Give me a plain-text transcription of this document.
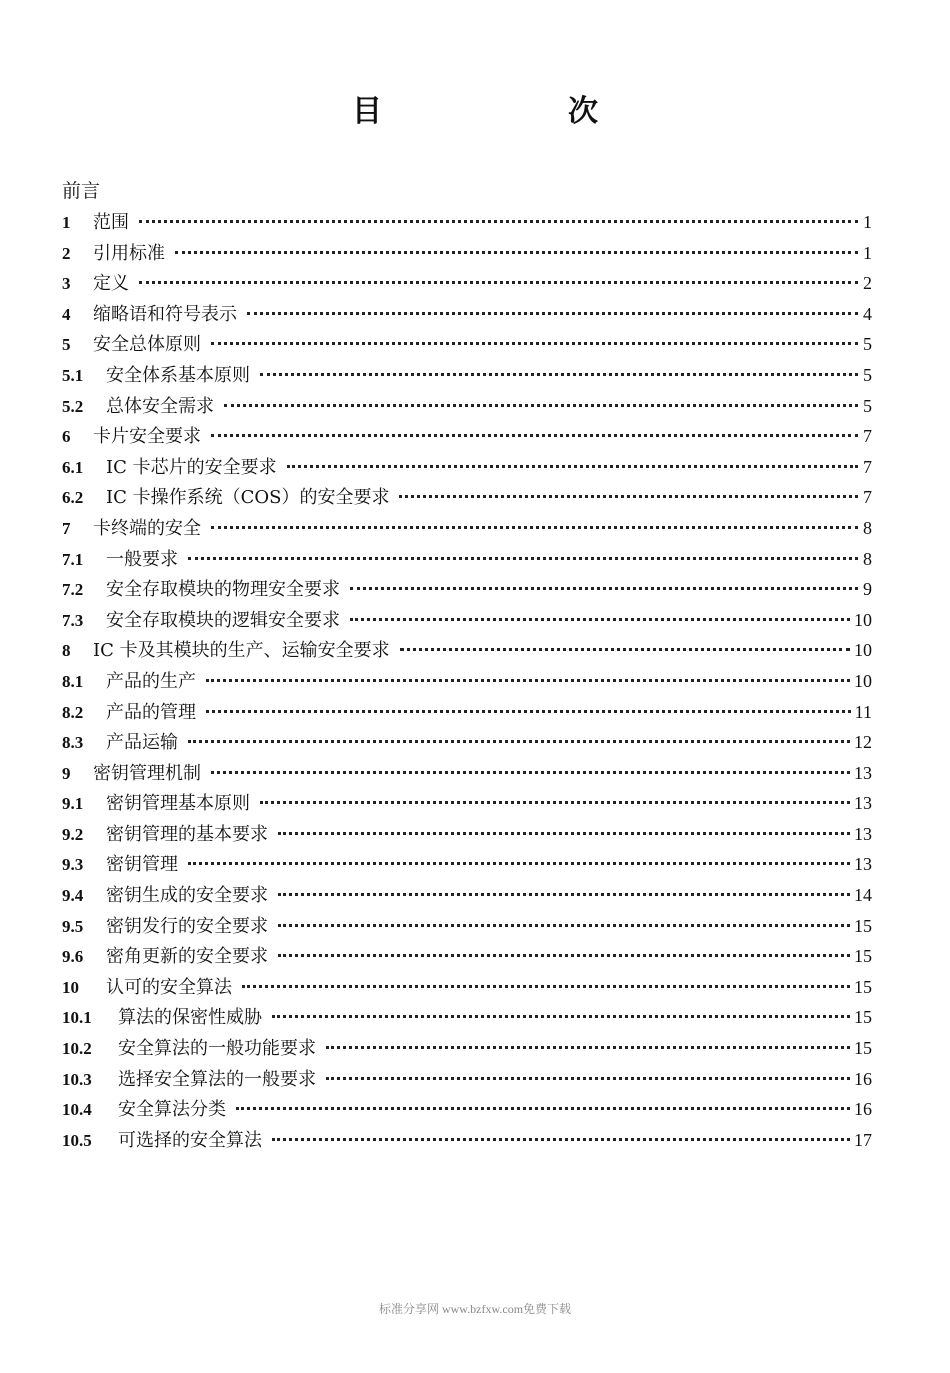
目　次
前言
1	范围	1
2	引用标准	1
3	定义	2
4	缩略语和符号表示	4
5	安全总体原则	5
5.1	安全体系基本原则	5
5.2	总体安全需求	5
6	卡片安全要求	7
6.1	IC 卡芯片的安全要求	7
6.2	IC 卡操作系统（COS）的安全要求	7
7	卡终端的安全	8
7.1	一般要求	8
7.2	安全存取模块的物理安全要求	9
7.3	安全存取模块的逻辑安全要求	10
8	IC 卡及其模块的生产、运输安全要求	10
8.1	产品的生产	10
8.2	产品的管理	11
8.3	产品运输	12
9	密钥管理机制	13
9.1	密钥管理基本原则	13
9.2	密钥管理的基本要求	13
9.3	密钥管理	13
9.4	密钥生成的安全要求	14
9.5	密钥发行的安全要求	15
9.6	密角更新的安全要求	15
10	认可的安全算法	15
10.1	算法的保密性威胁	15
10.2	安全算法的一般功能要求	15
10.3	选择安全算法的一般要求	16
10.4	安全算法分类	16
10.5	可选择的安全算法	17
标准分享网 www.bzfxw.com免费下载
